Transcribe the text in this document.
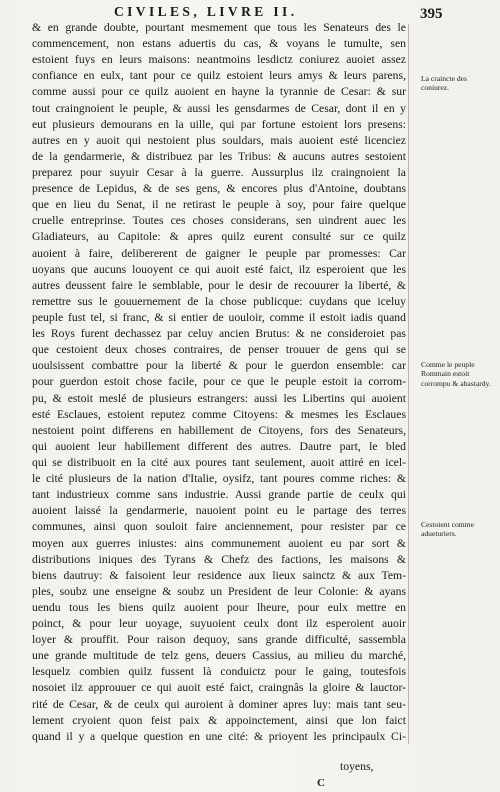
CIVILES, LIVRE II.	395
& en grande doubte, pourtant mesmement que tous les Senateurs des le
commencement, non estans aduertis du cas, & voyans le tumulte, sen
estoient fuys en leurs maisons: neantmoins lesdictz coniurez auoiet assez
confiance en eulx, tant pour ce quilz estoient leurs amys & leurs parens,
comme aussi pour ce quilz auoient en hayne la tyrannie de Cesar: & sur
tout craingnoient le peuple, & aussi les gensdarmes de Cesar, dont il en y
eut plusieurs demourans en la uille, qui par fortune estoient lors presens:
autres en y auoit qui nestoient plus souldars, mais auoient esté licenciez
de la gendarmerie, & distribuez par les Tribus: & aucuns autres sestoient
preparez pour suyuir Cesar à la guerre. Aussurplus ilz craingnoient la
presence de Lepidus, & de ses gens, & encores plus d'Antoine, doubtans
que en lieu du Senat, il ne retirast le peuple à soy, pour faire quelque
cruelle entreprinse. Toutes ces choses considerans, sen uindrent auec les
Gladiateurs, au Capitole: & apres quilz eurent consulté sur ce quilz
auoient à faire, delibererent de gaigner le peuple par promesses: Car
uoyans que aucuns louoyent ce qui auoit esté faict, ilz esperoient que les
autres deussent faire le semblable, pour le desir de recouurer la liberté, &
remettre sus le gouuernement de la chose publicque: cuydans que iceluy
peuple fust tel, si franc, & si entier de uouloir, comme il estoit iadis quand
les Roys furent dechassez par celuy ancien Brutus: & ne consideroiet pas
que cestoient deux choses contraires, de penser trouuer de gens qui se
uoulsissent combattre pour la liberté & pour le guerdon ensemble: car
pour guerdon estoit chose facile, pour ce que le peuple estoit ia corrom-
pu, & estoit meslé de plusieurs estrangers: aussi les Libertins qui auoient
esté Esclaues, estoient reputez comme Citoyens: & mesmes les Esclaues
nestoient point differens en habillement de Citoyens, fors des Senateurs,
qui auoient leur habillement different des autres. Dautre part, le bled
qui se distribuoit en la cité aux poures tant seulement, auoit attiré en icel-
le cité plusieurs de la nation d'Italie, oysifz, tant poures comme riches: &
tant industrieux comme sans industrie. Aussi grande partie de ceulx qui
auoient laissé la gendarmerie, nauoient point eu le partage des terres
communes, ainsi quon souloit faire anciennement, pour resister par ce
moyen aux guerres iniustes: ains communement auoient eu par sort &
distributions iniques des Tyrans & Chefz des factions, les maisons &
biens dautruy: & faisoient leur residence aux lieux sainctz & aux Tem-
ples, soubz une enseigne & soubz un President de leur Colonie: & ayans
uendu tous les biens quilz auoient pour lheure, pour eulx mettre en
poinct, & pour leur uoyage, suyuoient ceulx dont ilz esperoient auoir
loyer & prouffit. Pour raison dequoy, sans grande difficulté, sassembla
une grande multitude de telz gens, deuers Cassius, au milieu du marché,
lesquelz combien quilz fussent là conduictz pour le gaing, toutesfois
nosoiet ilz approuuer ce qui auoit esté faict, craingnâs la gloire & lauctor-
rité de Cesar, & de ceulx qui auroient à dominer apres luy: mais tant seu-
lement cryoient quon feist paix & appoinctement, ainsi que lon faict
quand il y a quelque question en une cité: & prioyent les principaulx Ci-
La craincte des coniurez.
Comme le peuple Rommain estoit corrompu & abastardy.
Cestoient comme adueturiers.
C
toyens,
